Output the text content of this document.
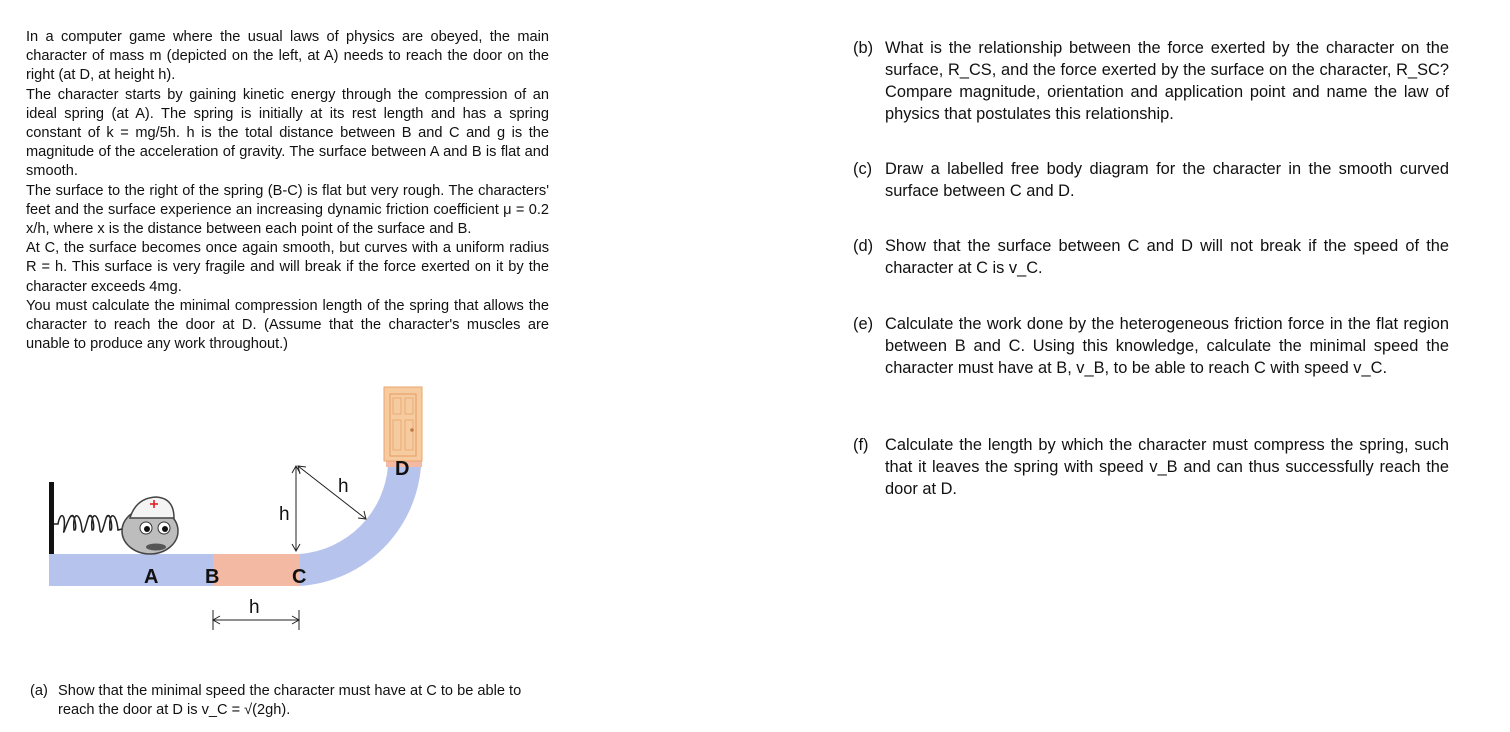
In a computer game where the usual laws of physics are obeyed, the main character of mass m (depicted on the left, at A) needs to reach the door on the right (at D, at height h).

The character starts by gaining kinetic energy through the compression of an ideal spring (at A). The spring is initially at its rest length and has a spring constant of k = mg/5h. h is the total distance between B and C and g is the magnitude of the acceleration of gravity. The surface between A and B is flat and smooth.

The surface to the right of the spring (B-C) is flat but very rough. The characters' feet and the surface experience an increasing dynamic friction coefficient μ = 0.2 x/h, where x is the distance between each point of the surface and B.

At C, the surface becomes once again smooth, but curves with a uniform radius R = h. This surface is very fragile and will break if the force exerted on it by the character exceeds 4mg.

You must calculate the minimal compression length of the spring that allows the character to reach the door at D. (Assume that the character's muscles are unable to produce any work throughout.)

A B	C
D
h
h
h
(a) Show that the minimal speed the character must have at C to be able to reach the door at D is v_C = √(2gh).
(b) What is the relationship between the force exerted by the character on the surface, R_CS, and the force exerted by the surface on the character, R_SC? Compare magnitude, orientation and application point and name the law of physics that postulates this relationship.
(c) Draw a labelled free body diagram for the character in the smooth curved surface between C and D.
(d) Show that the surface between C and D will not break if the speed of the character at C is v_C.
(e) Calculate the work done by the heterogeneous friction force in the flat region between B and C. Using this knowledge, calculate the minimal speed the character must have at B, v_B, to be able to reach C with speed v_C.
(f) Calculate the length by which the character must compress the spring, such that it leaves the spring with speed v_B and can thus successfully reach the door at D.
